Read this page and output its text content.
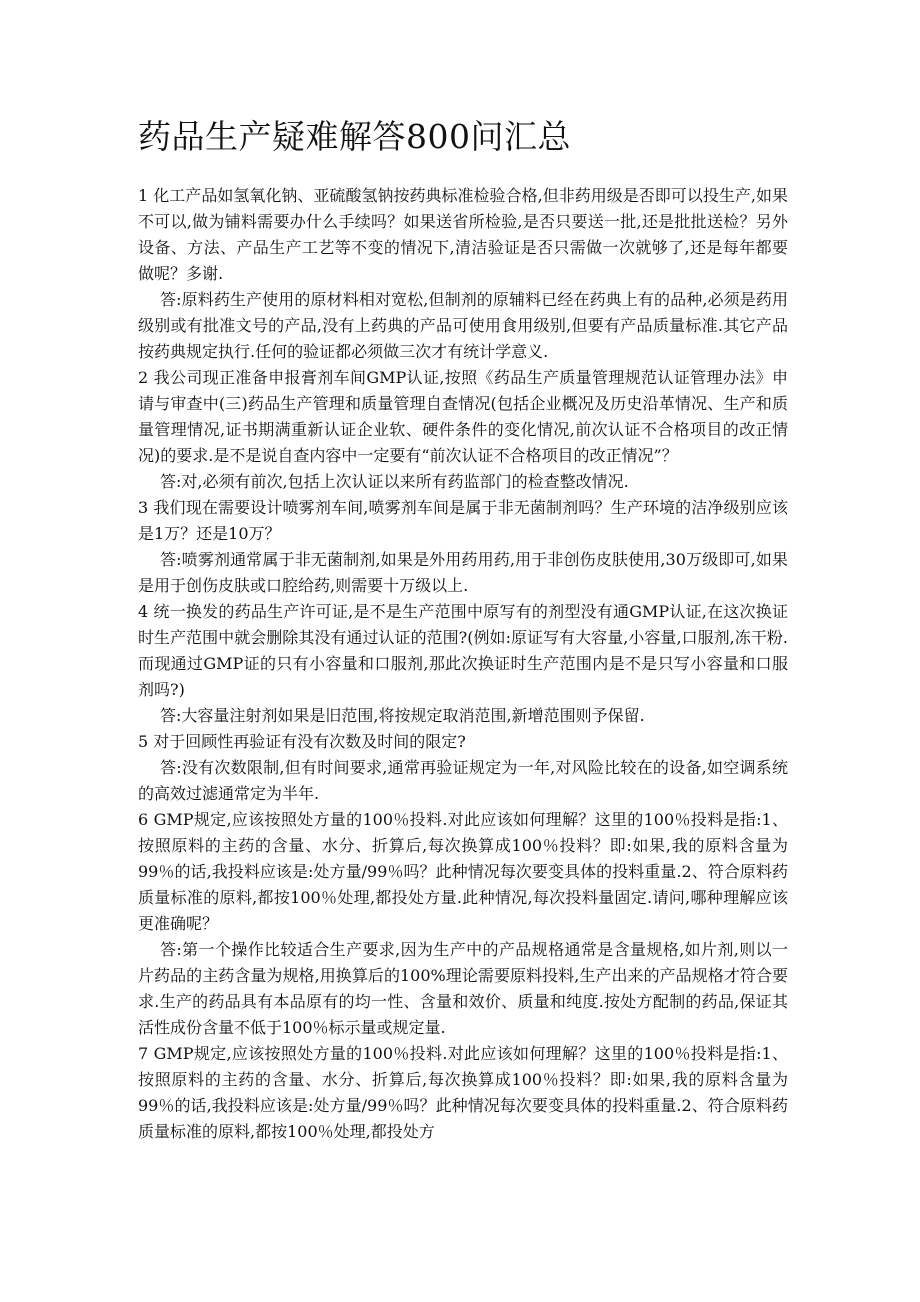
药品生产疑难解答800问汇总

1 化工产品如氢氧化钠、亚硫酸氢钠按药典标准检验合格,但非药用级是否即可以投生产,如果不可以,做为铺料需要办什么手续吗？如果送省所检验,是否只要送一批,还是批批送检？另外设备、方法、产品生产工艺等不变的情况下,清洁验证是否只需做一次就够了,还是每年都要做呢？多谢.

答:原料药生产使用的原材料相对宽松,但制剂的原辅料已经在药典上有的品种,必须是药用级别或有批准文号的产品,没有上药典的产品可使用食用级别,但要有产品质量标准.其它产品按药典规定执行.任何的验证都必须做三次才有统计学意义.

2 我公司现正准备申报膏剂车间GMP认证,按照《药品生产质量管理规范认证管理办法》申请与审查中(三)药品生产管理和质量管理自查情况(包括企业概况及历史沿革情况、生产和质量管理情况,证书期满重新认证企业软、硬件条件的变化情况,前次认证不合格项目的改正情况)的要求.是不是说自查内容中一定要有“前次认证不合格项目的改正情况”？

答:对,必须有前次,包括上次认证以来所有药监部门的检查整改情况.

3 我们现在需要设计喷雾剂车间,喷雾剂车间是属于非无菌制剂吗？生产环境的洁净级别应该是1万？还是10万？

答:喷雾剂通常属于非无菌制剂,如果是外用药用药,用于非创伤皮肤使用,30万级即可,如果是用于创伤皮肤或口腔给药,则需要十万级以上.

4 统一换发的药品生产许可证,是不是生产范围中原写有的剂型没有通GMP认证,在这次换证时生产范围中就会删除其没有通过认证的范围?(例如:原证写有大容量,小容量,口服剂,冻干粉.而现通过GMP证的只有小容量和口服剂,那此次换证时生产范围内是不是只写小容量和口服剂吗?)

答:大容量注射剂如果是旧范围,将按规定取消范围,新增范围则予保留.

5 对于回顾性再验证有没有次数及时间的限定?

答:没有次数限制,但有时间要求,通常再验证规定为一年,对风险比较在的设备,如空调系统的高效过滤通常定为半年.

6 GMP规定,应该按照处方量的100％投料.对此应该如何理解？这里的100％投料是指:1、按照原料的主药的含量、水分、折算后,每次换算成100％投料？即:如果,我的原料含量为99％的话,我投料应该是:处方量/99％吗？此种情况每次要变具体的投料重量.2、符合原料药质量标准的原料,都按100％处理,都投处方量.此种情况,每次投料量固定.请问,哪种理解应该更准确呢？

答:第一个操作比较适合生产要求,因为生产中的产品规格通常是含量规格,如片剂,则以一片药品的主药含量为规格,用换算后的100%理论需要原料投料,生产出来的产品规格才符合要求.生产的药品具有本品原有的均一性、含量和效价、质量和纯度.按处方配制的药品,保证其活性成份含量不低于100％标示量或规定量.

7 GMP规定,应该按照处方量的100％投料.对此应该如何理解？这里的100％投料是指:1、按照原料的主药的含量、水分、折算后,每次换算成100％投料？即:如果,我的原料含量为99％的话,我投料应该是:处方量/99％吗？此种情况每次要变具体的投料重量.2、符合原料药质量标准的原料,都按100％处理,都投处方
